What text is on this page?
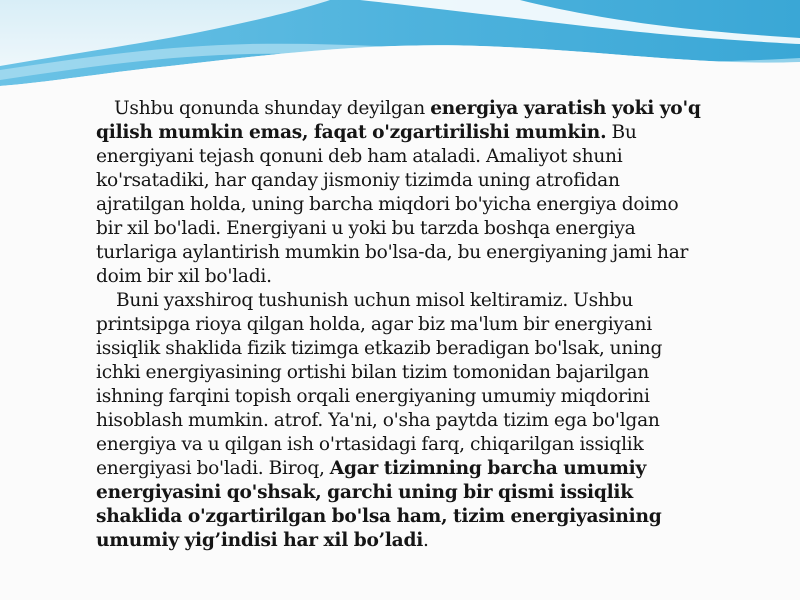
Ushbu qonunda shunday deyilgan energiya yaratish yoki yo'q qilish mumkin emas, faqat o'zgartirilishi mumkin. Bu energiyani tejash qonuni deb ham ataladi. Amaliyot shuni ko'rsatadiki, har qanday jismoniy tizimda uning atrofidan ajratilgan holda, uning barcha miqdori bo'yicha energiya doimo bir xil bo'ladi. Energiyani u yoki bu tarzda boshqa energiya turlariga aylantirish mumkin bo'lsa-da, bu energiyaning jami har doim bir xil bo'ladi.

Buni yaxshiroq tushunish uchun misol keltiramiz. Ushbu printsipga rioya qilgan holda, agar biz ma'lum bir energiyani issiqlik shaklida fizik tizimga etkazib beradigan bo'lsak, uning ichki energiyasining ortishi bilan tizim tomonidan bajarilgan ishning farqini topish orqali energiyaning umumiy miqdorini hisoblash mumkin. atrof. Ya'ni, o'sha paytda tizim ega bo'lgan energiya va u qilgan ish o'rtasidagi farq, chiqarilgan issiqlik energiyasi bo'ladi. Biroq, Agar tizimning barcha umumiy energiyasini qo'shsak, garchi uning bir qismi issiqlik shaklida o'zgartirilgan bo'lsa ham, tizim energiyasining umumiy yig’indisi har xil bo’ladi.
